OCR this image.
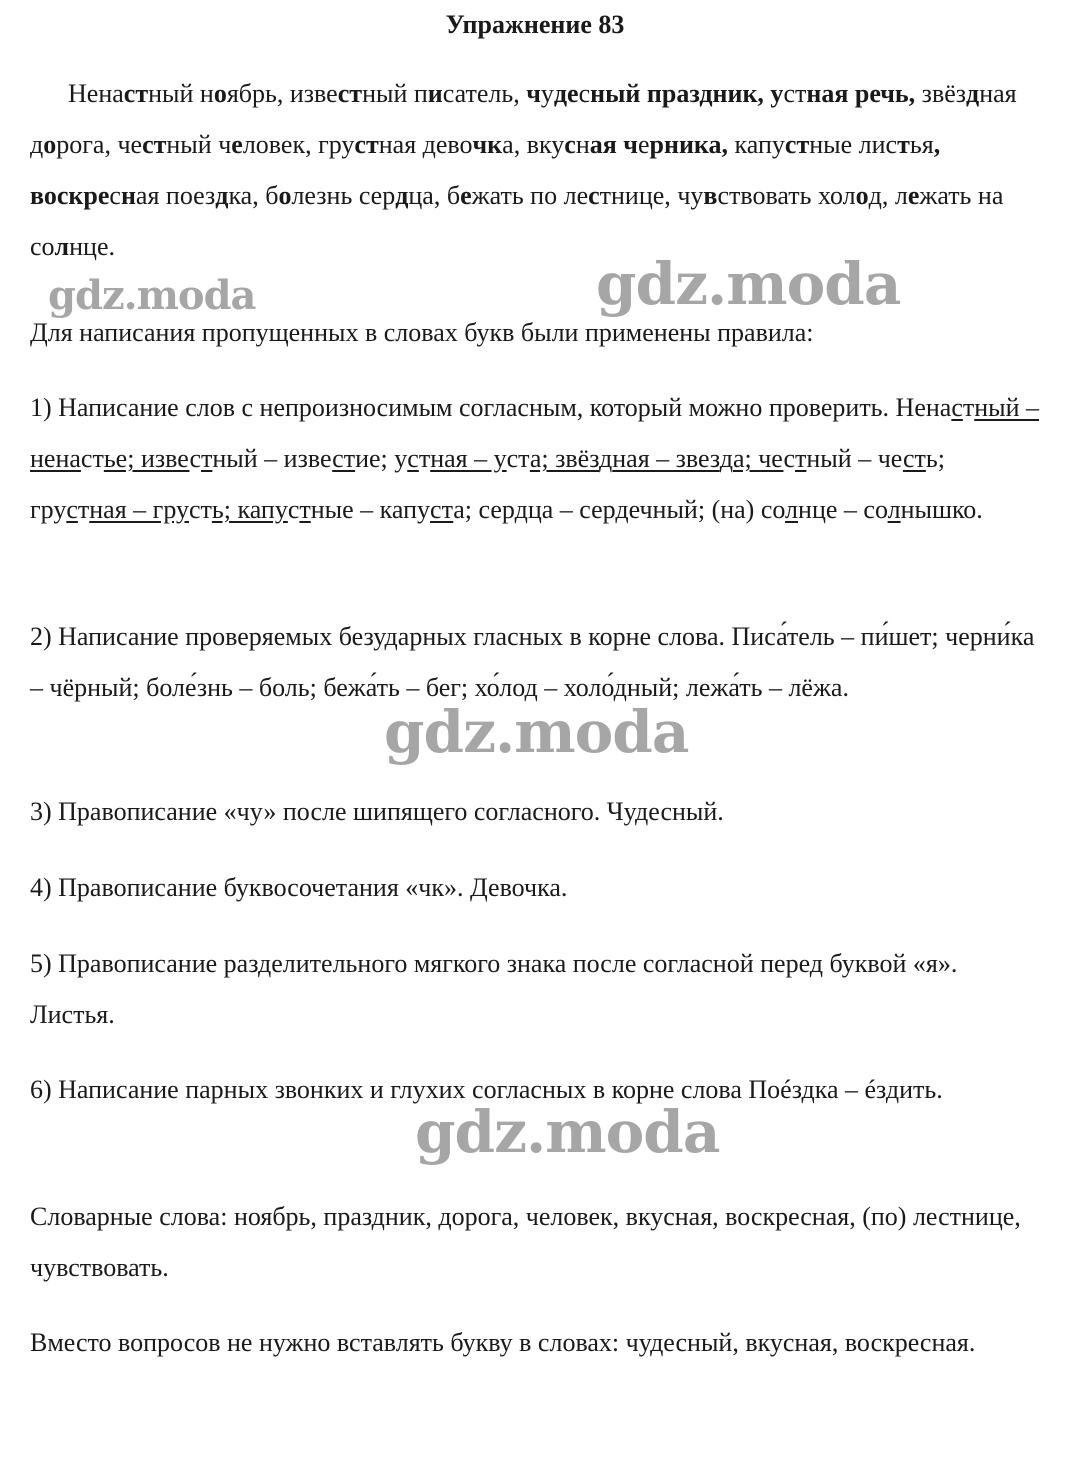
Упражнение 83

Ненастный ноябрь, известный писатель, чудесный праздник, устная речь, звёздная дорога, честный человек, грустная девочка, вкусная черника, капустные листья, воскресная поездка, болезнь сердца, бежать по лестнице, чувствовать холод, лежать на солнце.

Для написания пропущенных в словах букв были применены правила:

1) Написание слов с непроизносимым согласным, который можно проверить. Ненастный – ненастье; известный – известие; устная – уста; звёздная – звезда; честный – честь; грустная – грусть; капустные – капуста; сердца – сердечный; (на) солнце – солнышко.

2) Написание проверяемых безударных гласных в корне слова. Писа́тель – пи́шет; черни́ка – чёрный; боле́знь – боль; бежа́ть – бег; хо́лод – холо́дный; лежа́ть – лёжа.

3) Правописание «чу» после шипящего согласного. Чудесный.

4) Правописание буквосочетания «чк». Девочка.

5) Правописание разделительного мягкого знака после согласной перед буквой «я». Листья.

6) Написание парных звонких и глухих согласных в корне слова Поéздка – éздить.

Словарные слова: ноябрь, праздник, дорога, человек, вкусная, воскресная, (по) лестнице, чувствовать.

Вместо вопросов не нужно вставлять букву в словах: чудесный, вкусная, воскресная.

gdz.moda	gdz.moda
gdz.moda
gdz.moda
